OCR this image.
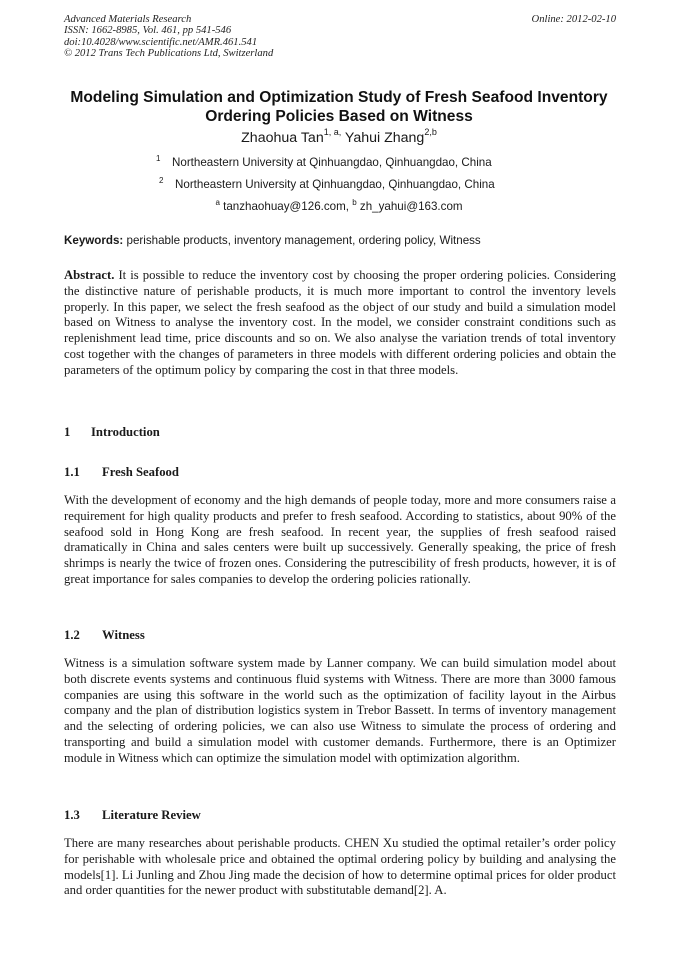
Advanced Materials Research
ISSN: 1662-8985, Vol. 461, pp 541-546
doi:10.4028/www.scientific.net/AMR.461.541
© 2012 Trans Tech Publications Ltd, Switzerland
Online: 2012-02-10
Modeling Simulation and Optimization Study of Fresh Seafood Inventory Ordering Policies Based on Witness
Zhaohua Tan$^{1, a,}$ Yahui Zhang$^{2,b}$
$^1$ Northeastern University at Qinhuangdao, Qinhuangdao, China
$^2$ Northeastern University at Qinhuangdao, Qinhuangdao, China
$^a$ tanzhaohuay@126.com, $^b$ zh_yahui@163.com
Keywords: perishable products, inventory management, ordering policy, Witness
Abstract. It is possible to reduce the inventory cost by choosing the proper ordering policies. Considering the distinctive nature of perishable products, it is much more important to control the inventory levels properly. In this paper, we select the fresh seafood as the object of our study and build a simulation model based on Witness to analyse the inventory cost. In the model, we consider constraint conditions such as replenishment lead time, price discounts and so on. We also analyse the variation trends of total inventory cost together with the changes of parameters in three models with different ordering policies and obtain the parameters of the optimum policy by comparing the cost in that three models.
1 Introduction
1.1 Fresh Seafood
With the development of economy and the high demands of people today, more and more consumers raise a requirement for high quality products and prefer to fresh seafood. According to statistics, about 90% of the seafood sold in Hong Kong are fresh seafood. In recent year, the supplies of fresh seafood raised dramatically in China and sales centers were built up successively. Generally speaking, the price of fresh shrimps is nearly the twice of frozen ones. Considering the putrescibility of fresh products, however, it is of great importance for sales companies to develop the ordering policies rationally.
1.2 Witness
Witness is a simulation software system made by Lanner company. We can build simulation model about both discrete events systems and continuous fluid systems with Witness. There are more than 3000 famous companies are using this software in the world such as the optimization of facility layout in the Airbus company and the plan of distribution logistics system in Trebor Bassett. In terms of inventory management and the selecting of ordering policies, we can also use Witness to simulate the process of ordering and transporting and build a simulation model with customer demands. Furthermore, there is an Optimizer module in Witness which can optimize the simulation model with optimization algorithm.
1.3 Literature Review
There are many researches about perishable products. CHEN Xu studied the optimal retailer’s order policy for perishable with wholesale price and obtained the optimal ordering policy by building and analysing the models[1]. Li Junling and Zhou Jing made the decision of how to determine optimal prices for older product and order quantities for the newer product with substitutable demand[2]. A.
